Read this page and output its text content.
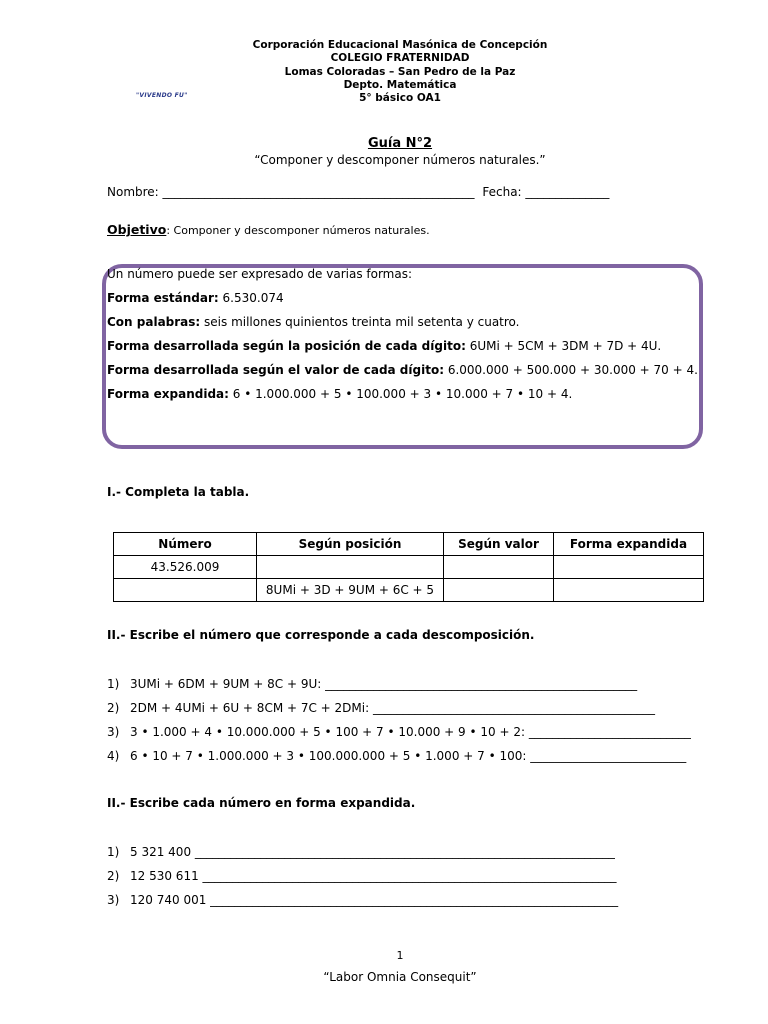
Corporación Educacional Masónica de Concepción
COLEGIO FRATERNIDAD
Lomas Coloradas – San Pedro de la Paz
Depto. Matemática
5° básico OA1
"VIVENDO FU"
Guía N°2
“Componer y descomponer números naturales.”
Nombre: ____________________________________________________ Fecha: ______________
Objetivo: Componer y descomponer números naturales.
Un número puede ser expresado de varias formas:
Forma estándar: 6.530.074
Con palabras: seis millones quinientos treinta mil setenta y cuatro.
Forma desarrollada según la posición de cada dígito: 6UMi + 5CM + 3DM + 7D + 4U.
Forma desarrollada según el valor de cada dígito: 6.000.000 + 500.000 + 30.000 + 70 + 4.
Forma expandida: 6 • 1.000.000 + 5 • 100.000 + 3 • 10.000 + 7 • 10 + 4.
I.- Completa la tabla.
Número	Según posición	Según valor	Forma expandida
43.526.009			
	8UMi + 3D + 9UM + 6C + 5		
II.- Escribe el número que corresponde a cada descomposición.
1) 3UMi + 6DM + 9UM + 8C + 9U: ____________________________________________________
2) 2DM + 4UMi + 6U + 8CM + 7C + 2DMi: _______________________________________________
3) 3 • 1.000 + 4 • 10.000.000 + 5 • 100 + 7 • 10.000 + 9 • 10 + 2: ___________________________
4) 6 • 10 + 7 • 1.000.000 + 3 • 100.000.000 + 5 • 1.000 + 7 • 100: __________________________
II.- Escribe cada número en forma expandida.
1) 5 321 400 ______________________________________________________________________
2) 12 530 611 _____________________________________________________________________
3) 120 740 001 ____________________________________________________________________
1
“Labor Omnia Consequit”
